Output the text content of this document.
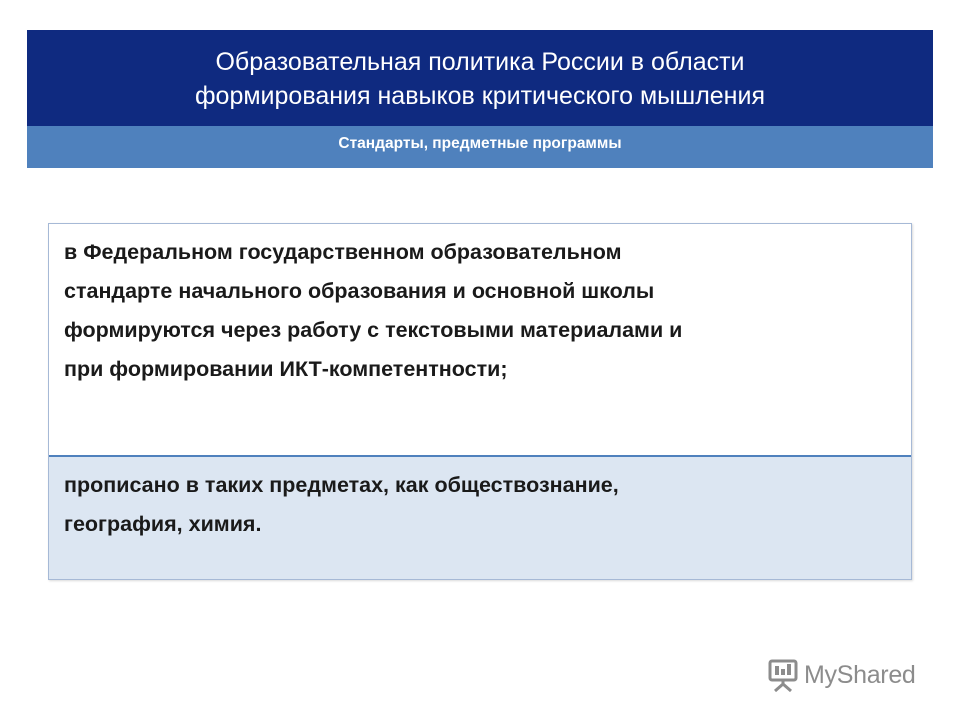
Образовательная политика России в области
формирования навыков критического мышления
Стандарты, предметные программы
в Федеральном государственном образовательном
стандарте начального образования и основной школы
формируются через работу с текстовыми материалами и
при формировании ИКТ-компетентности;
прописано в таких предметах, как обществознание,
география, химия.
MyShared
